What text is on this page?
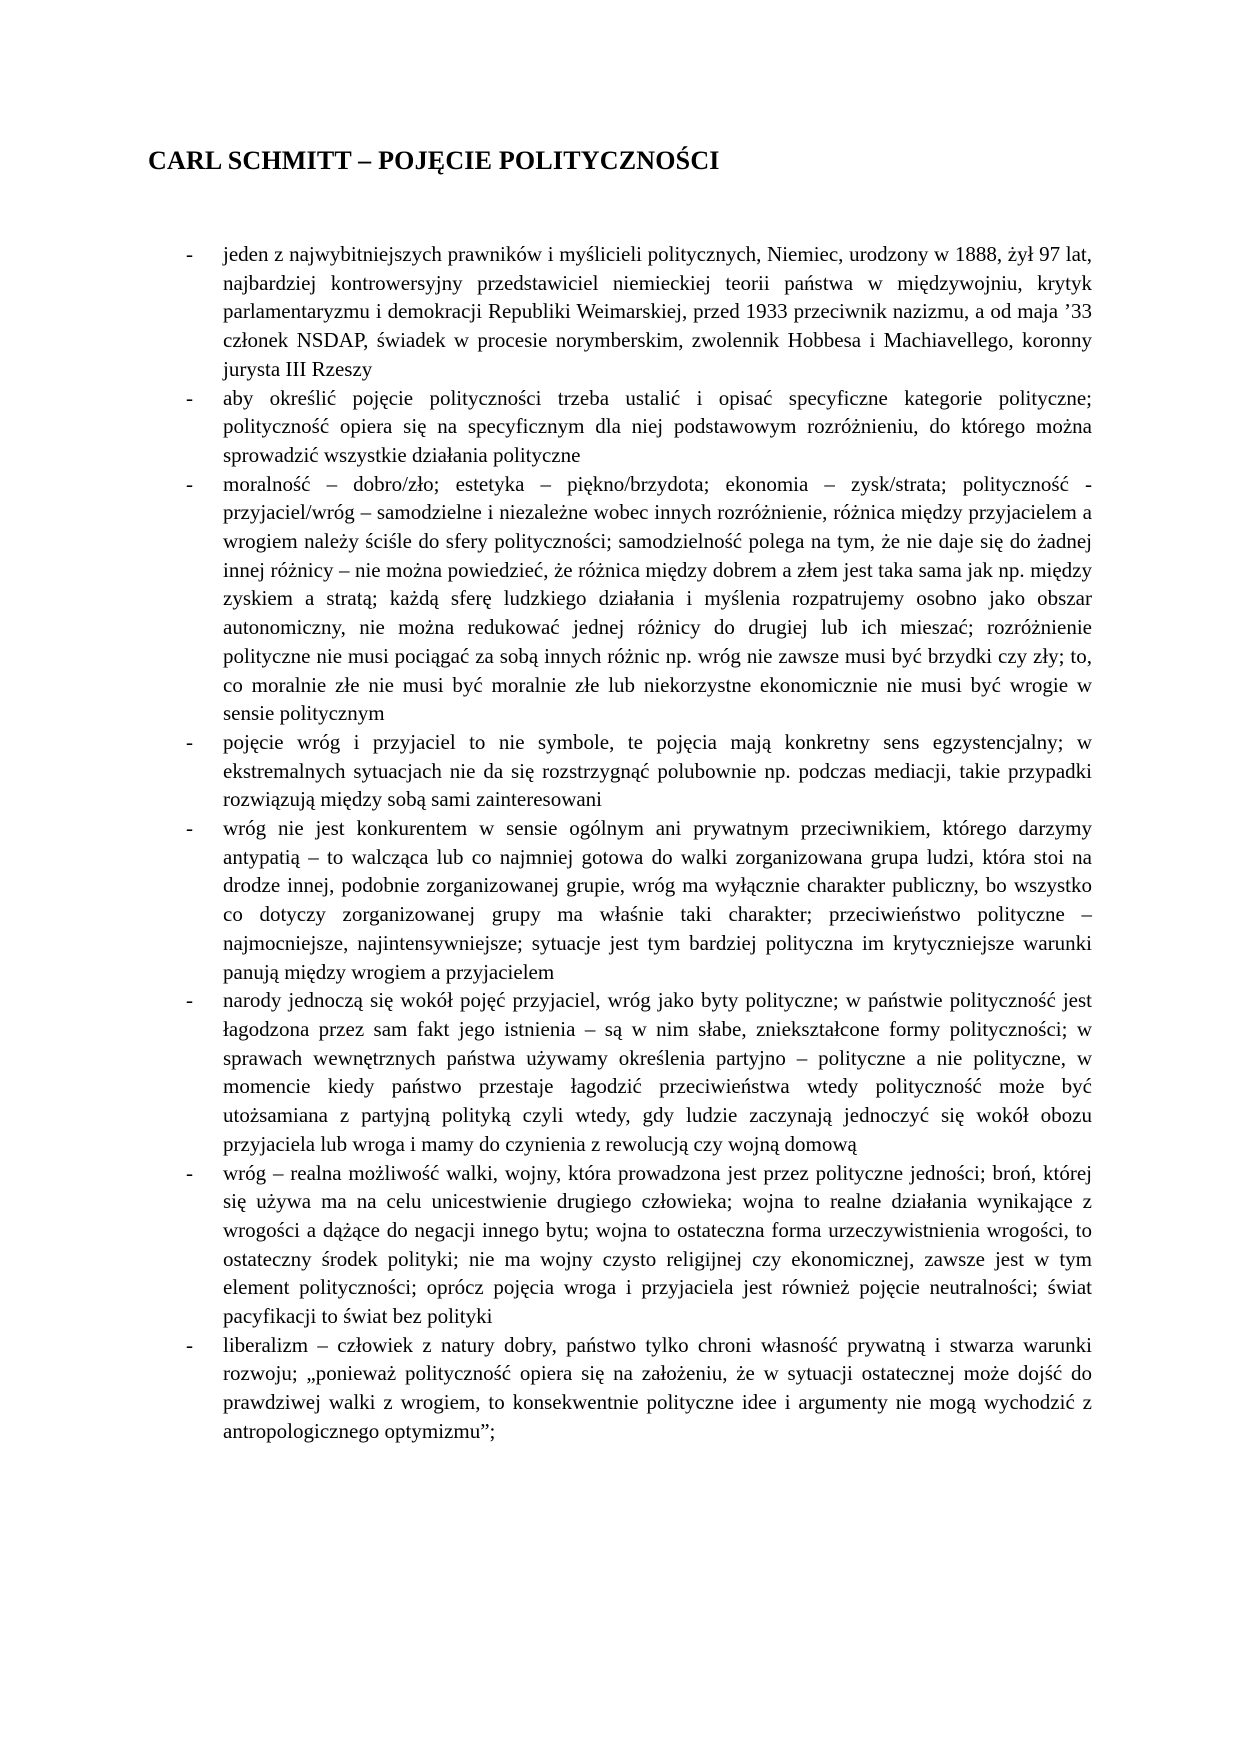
CARL SCHMITT – POJĘCIE POLITYCZNOŚCI
- jeden z najwybitniejszych prawników i myślicieli politycznych, Niemiec, urodzony w 1888, żył 97 lat, najbardziej kontrowersyjny przedstawiciel niemieckiej teorii państwa w międzywojniu, krytyk parlamentaryzmu i demokracji Republiki Weimarskiej, przed 1933 przeciwnik nazizmu, a od maja ’33 członek NSDAP, świadek w procesie norymberskim, zwolennik Hobbesa i Machiavellego, koronny jurysta III Rzeszy
- aby określić pojęcie polityczności trzeba ustalić i opisać specyficzne kategorie polityczne; polityczność opiera się na specyficznym dla niej podstawowym rozróżnieniu, do którego można sprowadzić wszystkie działania polityczne
- moralność – dobro/zło; estetyka – piękno/brzydota; ekonomia – zysk/strata; polityczność - przyjaciel/wróg – samodzielne i niezależne wobec innych rozróżnienie, różnica między przyjacielem a wrogiem należy ściśle do sfery polityczności; samodzielność polega na tym, że nie daje się do żadnej innej różnicy – nie można powiedzieć, że różnica między dobrem a złem jest taka sama jak np. między zyskiem a stratą; każdą sferę ludzkiego działania i myślenia rozpatrujemy osobno jako obszar autonomiczny, nie można redukować jednej różnicy do drugiej lub ich mieszać; rozróżnienie polityczne nie musi pociągać za sobą innych różnic np. wróg nie zawsze musi być brzydki czy zły; to, co moralnie złe nie musi być moralnie złe lub niekorzystne ekonomicznie nie musi być wrogie w sensie politycznym
- pojęcie wróg i przyjaciel to nie symbole, te pojęcia mają konkretny sens egzystencjalny; w ekstremalnych sytuacjach nie da się rozstrzygnąć polubownie np. podczas mediacji, takie przypadki rozwiązują między sobą sami zainteresowani
- wróg nie jest konkurentem w sensie ogólnym ani prywatnym przeciwnikiem, którego darzymy antypatią – to walcząca lub co najmniej gotowa do walki zorganizowana grupa ludzi, która stoi na drodze innej, podobnie zorganizowanej grupie, wróg ma wyłącznie charakter publiczny, bo wszystko co dotyczy zorganizowanej grupy ma właśnie taki charakter; przeciwieństwo polityczne – najmocniejsze, najintensywniejsze; sytuacje jest tym bardziej polityczna im krytyczniejsze warunki panują między wrogiem a przyjacielem
- narody jednoczą się wokół pojęć przyjaciel, wróg jako byty polityczne; w państwie polityczność jest łagodzona przez sam fakt jego istnienia – są w nim słabe, zniekształcone formy polityczności; w sprawach wewnętrznych państwa używamy określenia partyjno – polityczne a nie polityczne, w momencie kiedy państwo przestaje łagodzić przeciwieństwa wtedy polityczność może być utożsamiana z partyjną polityką czyli wtedy, gdy ludzie zaczynają jednoczyć się wokół obozu przyjaciela lub wroga i mamy do czynienia z rewolucją czy wojną domową
- wróg – realna możliwość walki, wojny, która prowadzona jest przez polityczne jedności; broń, której się używa ma na celu unicestwienie drugiego człowieka; wojna to realne działania wynikające z wrogości a dążące do negacji innego bytu; wojna to ostateczna forma urzeczywistnienia wrogości, to ostateczny środek polityki; nie ma wojny czysto religijnej czy ekonomicznej, zawsze jest w tym element polityczności; oprócz pojęcia wroga i przyjaciela jest również pojęcie neutralności; świat pacyfikacji to świat bez polityki
- liberalizm – człowiek z natury dobry, państwo tylko chroni własność prywatną i stwarza warunki rozwoju; „ponieważ polityczność opiera się na założeniu, że w sytuacji ostatecznej może dojść do prawdziwej walki z wrogiem, to konsekwentnie polityczne idee i argumenty nie mogą wychodzić z antropologicznego optymizmu”;
